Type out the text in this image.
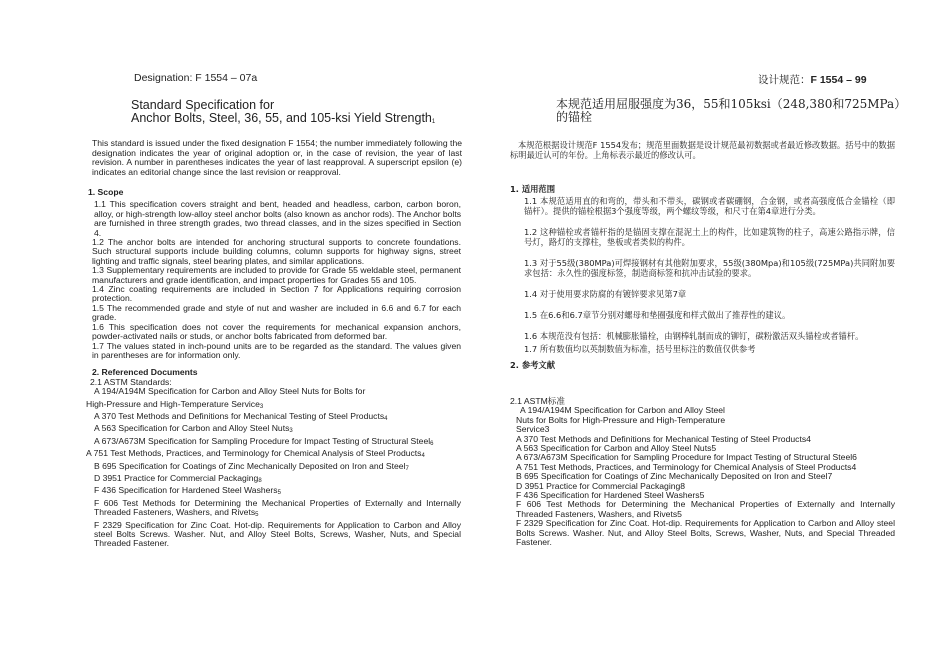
Designation: F 1554 – 07a
Standard Specification for
Anchor Bolts, Steel, 36, 55, and 105-ksi Yield Strength$_1$
This standard is issued under the fixed designation F 1554; the number immediately following the designation indicates the year of original adoption or, in the case of revision, the year of last revision. A number in parentheses indicates the year of last reapproval. A superscript epsilon (e) indicates an editorial change since the last revision or reapproval.

1. Scope

1.1 This specification covers straight and bent, headed and headless, carbon, carbon boron, alloy, or high-strength low-alloy steel anchor bolts (also known as anchor rods). The Anchor bolts are furnished in three strength grades, two thread classes, and in the sizes specified in Section 4.

1.2 The anchor bolts are intended for anchoring structural supports to concrete foundations. Such structural supports include building columns, column supports for highway signs, street lighting and traffic signals, steel bearing plates, and similar applications.

1.3 Supplementary requirements are included to provide for Grade 55 weldable steel, permanent manufacturers and grade identification, and impact properties for Grades 55 and 105.

1.4 Zinc coating requirements are included in Section 7 for Applications requiring corrosion protection.

1.5 The recommended grade and style of nut and washer are included in 6.6 and 6.7 for each grade.

1.6 This specification does not cover the requirements for mechanical expansion anchors, powder-activated nails or studs, or anchor bolts fabricated from deformed bar.

1.7 The values stated in inch-pound units are to be regarded as the standard. The values given in parentheses are for information only.

2. Referenced Documents

2.1 ASTM Standards:

A 194/A194M Specification for Carbon and Alloy Steel Nuts for Bolts for

High-Pressure and High-Temperature Service$_3$

A 370 Test Methods and Definitions for Mechanical Testing of Steel Products$_4$

A 563 Specification for Carbon and Alloy Steel Nuts$_3$

A 673/A673M Specification for Sampling Procedure for Impact Testing of Structural Steel$_6$

A 751 Test Methods, Practices, and Terminology for Chemical Analysis of Steel Products$_4$

B 695 Specification for Coatings of Zinc Mechanically Deposited on Iron and Steel$_7$

D 3951 Practice for Commercial Packaging$_8$

F 436 Specification for Hardened Steel Washers$_5$

F 606 Test Methods for Determining the Mechanical Properties of Externally and Internally Threaded Fasteners, Washers, and Rivets$_5$

F 2329 Specification for Zinc Coat. Hot-dip. Requirements for Application to Carbon and Alloy steel Bolts Screws. Washer. Nut, and Alloy Steel Bolts, Screws, Washer, Nuts, and Special Threaded Fastener.

设计规范：F 1554 – 99
本规范适用屈服强度为36，55和105ksi（248,380和725MPa）
的锚栓

本规范根据设计规范F 1554发布；规范里面数据是设计规范最初数据或者最近修改数据。括号中的数据标明最近认可的年份。上角标表示最近的修改认可。

1. 适用范围

1.1 本规范适用直的和弯的，带头和不带头，碳钢或者碳硼钢，合金钢，或者高强度低合金锚栓（即锚杆）。提供的锚栓根据3个强度等级，两个螺纹等级，和尺寸在第4章进行分类。

1.2 这种锚栓或者锚杆指的是锚固支撑在混泥土上的构件，比如建筑物的柱子，高速公路指示牌，信号灯，路灯的支撑柱，垫板或者类似的构件。

1.3 对于55级(380MPa)可焊接钢材有其他附加要求，55级(380Mpa)和105级(725MPa)共同附加要求包括：永久性的强度标签，制造商标签和抗冲击试验的要求。

1.4 对于使用要求防腐的有镀锌要求见第7章

1.5 在6.6和6.7章节分别对螺母和垫圈强度和样式做出了推荐性的建议。

1.6 本规范没有包括：机械膨胀锚栓，由钢棒轧制而成的铆钉，碳粉激活双头锚栓或者锚杆。

1.7 所有数值均以英制数值为标准，括号里标注的数值仅供参考

2. 参考文献

2.1 ASTM标准

A 194/A194M Specification for Carbon and Alloy Steel

Nuts for Bolts for High-Pressure and High-Temperature

Service3

A 370 Test Methods and Definitions for Mechanical Testing of Steel Products4

A 563 Specification for Carbon and Alloy Steel Nuts5

A 673/A673M Specification for Sampling Procedure for Impact Testing of Structural Steel6

A 751 Test Methods, Practices, and Terminology for Chemical Analysis of Steel Products4

B 695 Specification for Coatings of Zinc Mechanically Deposited on Iron and Steel7

D 3951 Practice for Commercial Packaging8

F 436 Specification for Hardened Steel Washers5

F 606 Test Methods for Determining the Mechanical Properties of Externally and Internally Threaded Fasteners, Washers, and Rivets5

F 2329 Specification for Zinc Coat. Hot-dip. Requirements for Application to Carbon and Alloy steel Bolts Screws. Washer. Nut, and Alloy Steel Bolts, Screws, Washer, Nuts, and Special Threaded Fastener.
